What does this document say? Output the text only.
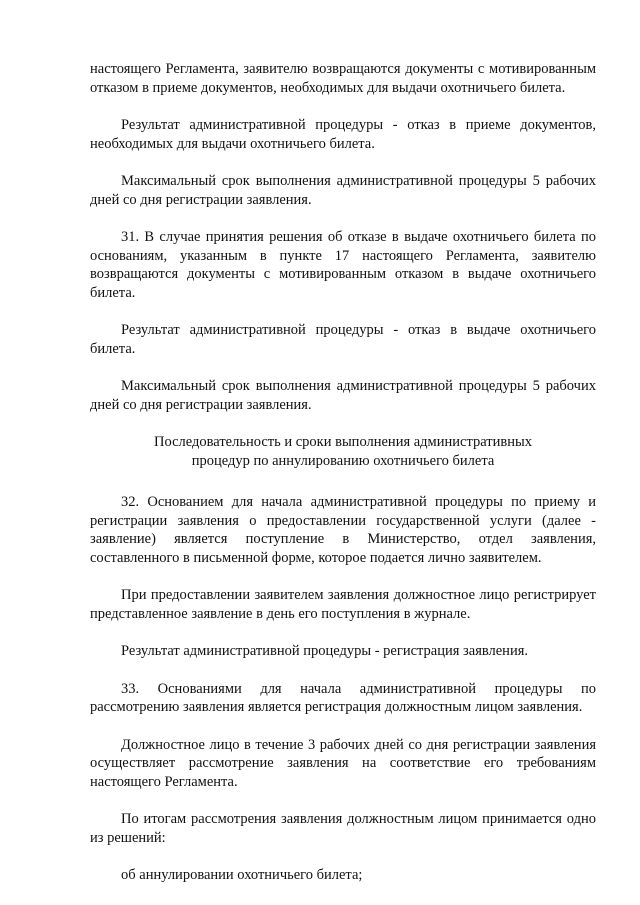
настоящего Регламента, заявителю возвращаются документы с мотивированным отказом в приеме документов, необходимых для выдачи охотничьего билета.

Результат административной процедуры - отказ в приеме документов, необходимых для выдачи охотничьего билета.

Максимальный срок выполнения административной процедуры 5 рабочих дней со дня регистрации заявления.

31. В случае принятия решения об отказе в выдаче охотничьего билета по основаниям, указанным в пункте 17 настоящего Регламента, заявителю возвращаются документы с мотивированным отказом в выдаче охотничьего билета.

Результат административной процедуры - отказ в выдаче охотничьего билета.

Максимальный срок выполнения административной процедуры 5 рабочих дней со дня регистрации заявления.

Последовательность и сроки выполнения административных
процедур по аннулированию охотничьего билета

32. Основанием для начала административной процедуры по приему и регистрации заявления о предоставлении государственной услуги (далее - заявление) является поступление в Министерство, отдел заявления, составленного в письменной форме, которое подается лично заявителем.

При предоставлении заявителем заявления должностное лицо регистрирует представленное заявление в день его поступления в журнале.

Результат административной процедуры - регистрация заявления.

33. Основаниями для начала административной процедуры по рассмотрению заявления является регистрация должностным лицом заявления.

Должностное лицо в течение 3 рабочих дней со дня регистрации заявления осуществляет рассмотрение заявления на соответствие его требованиям настоящего Регламента.

По итогам рассмотрения заявления должностным лицом принимается одно из решений:

об аннулировании охотничьего билета;
